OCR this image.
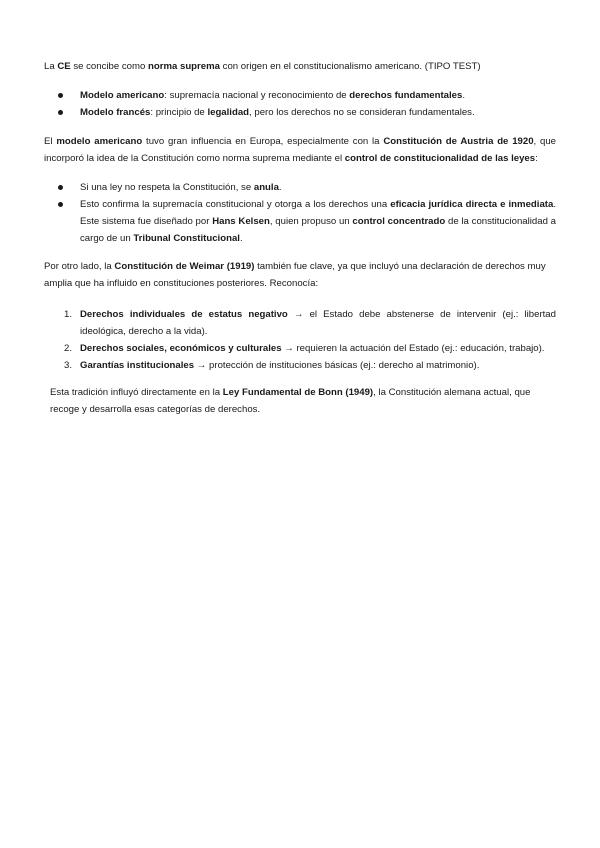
La CE se concibe como norma suprema con origen en el constitucionalismo americano. (TIPO TEST)

Modelo americano: supremacía nacional y reconocimiento de derechos fundamentales.
Modelo francés: principio de legalidad, pero los derechos no se consideran fundamentales.

El modelo americano tuvo gran influencia en Europa, especialmente con la Constitución de Austria de 1920, que incorporó la idea de la Constitución como norma suprema mediante el control de constitucionalidad de las leyes:

Si una ley no respeta la Constitución, se anula.
Esto confirma la supremacía constitucional y otorga a los derechos una eficacia jurídica directa e inmediata. Este sistema fue diseñado por Hans Kelsen, quien propuso un control concentrado de la constitucionalidad a cargo de un Tribunal Constitucional.

Por otro lado, la Constitución de Weimar (1919) también fue clave, ya que incluyó una declaración de derechos muy amplia que ha influido en constituciones posteriores. Reconocía:

1. Derechos individuales de estatus negativo → el Estado debe abstenerse de intervenir (ej.: libertad ideológica, derecho a la vida).
2. Derechos sociales, económicos y culturales → requieren la actuación del Estado (ej.: educación, trabajo).
3. Garantías institucionales → protección de instituciones básicas (ej.: derecho al matrimonio).

Esta tradición influyó directamente en la Ley Fundamental de Bonn (1949), la Constitución alemana actual, que recoge y desarrolla esas categorías de derechos.
